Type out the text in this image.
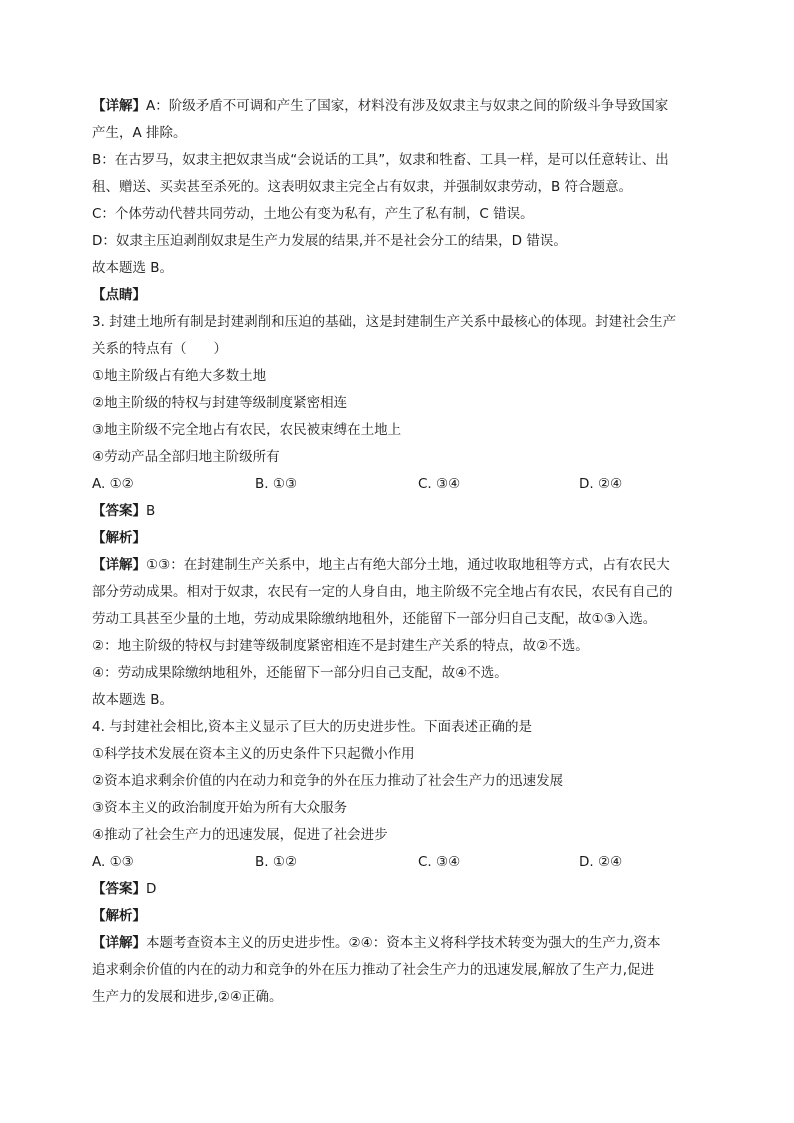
【详解】A：阶级矛盾不可调和产生了国家，材料没有涉及奴隶主与奴隶之间的阶级斗争导致国家
产生，A 排除。
B：在古罗马，奴隶主把奴隶当成“会说话的工具”，奴隶和牲畜、工具一样，是可以任意转让、出
租、赠送、买卖甚至杀死的。这表明奴隶主完全占有奴隶，并强制奴隶劳动，B 符合题意。
C：个体劳动代替共同劳动，土地公有变为私有，产生了私有制，C 错误。
D：奴隶主压迫剥削奴隶是生产力发展的结果,并不是社会分工的结果，D 错误。
故本题选 B。
【点睛】
3. 封建土地所有制是封建剥削和压迫的基础，这是封建制生产关系中最核心的体现。封建社会生产
关系的特点有（　　）
①地主阶级占有绝大多数土地
②地主阶级的特权与封建等级制度紧密相连
③地主阶级不完全地占有农民，农民被束缚在土地上
④劳动产品全部归地主阶级所有
A. ①②	B. ①③	C. ③④	D. ②④
【答案】B
【解析】
【详解】①③：在封建制生产关系中，地主占有绝大部分土地，通过收取地租等方式，占有农民大
部分劳动成果。相对于奴隶，农民有一定的人身自由，地主阶级不完全地占有农民，农民有自己的
劳动工具甚至少量的土地，劳动成果除缴纳地租外，还能留下一部分归自己支配，故①③入选。
②：地主阶级的特权与封建等级制度紧密相连不是封建生产关系的特点，故②不选。
④：劳动成果除缴纳地租外，还能留下一部分归自己支配，故④不选。
故本题选 B。
4. 与封建社会相比,资本主义显示了巨大的历史进步性。下面表述正确的是
①科学技术发展在资本主义的历史条件下只起微小作用
②资本追求剩余价值的内在动力和竞争的外在压力推动了社会生产力的迅速发展
③资本主义的政治制度开始为所有大众服务
④推动了社会生产力的迅速发展，促进了社会进步
A. ①③	B. ①②	C. ③④	D. ②④
【答案】D
【解析】
【详解】本题考查资本主义的历史进步性。②④：资本主义将科学技术转变为强大的生产力,资本
追求剩余价值的内在的动力和竞争的外在压力推动了社会生产力的迅速发展,解放了生产力,促进
生产力的发展和进步,②④正确。
